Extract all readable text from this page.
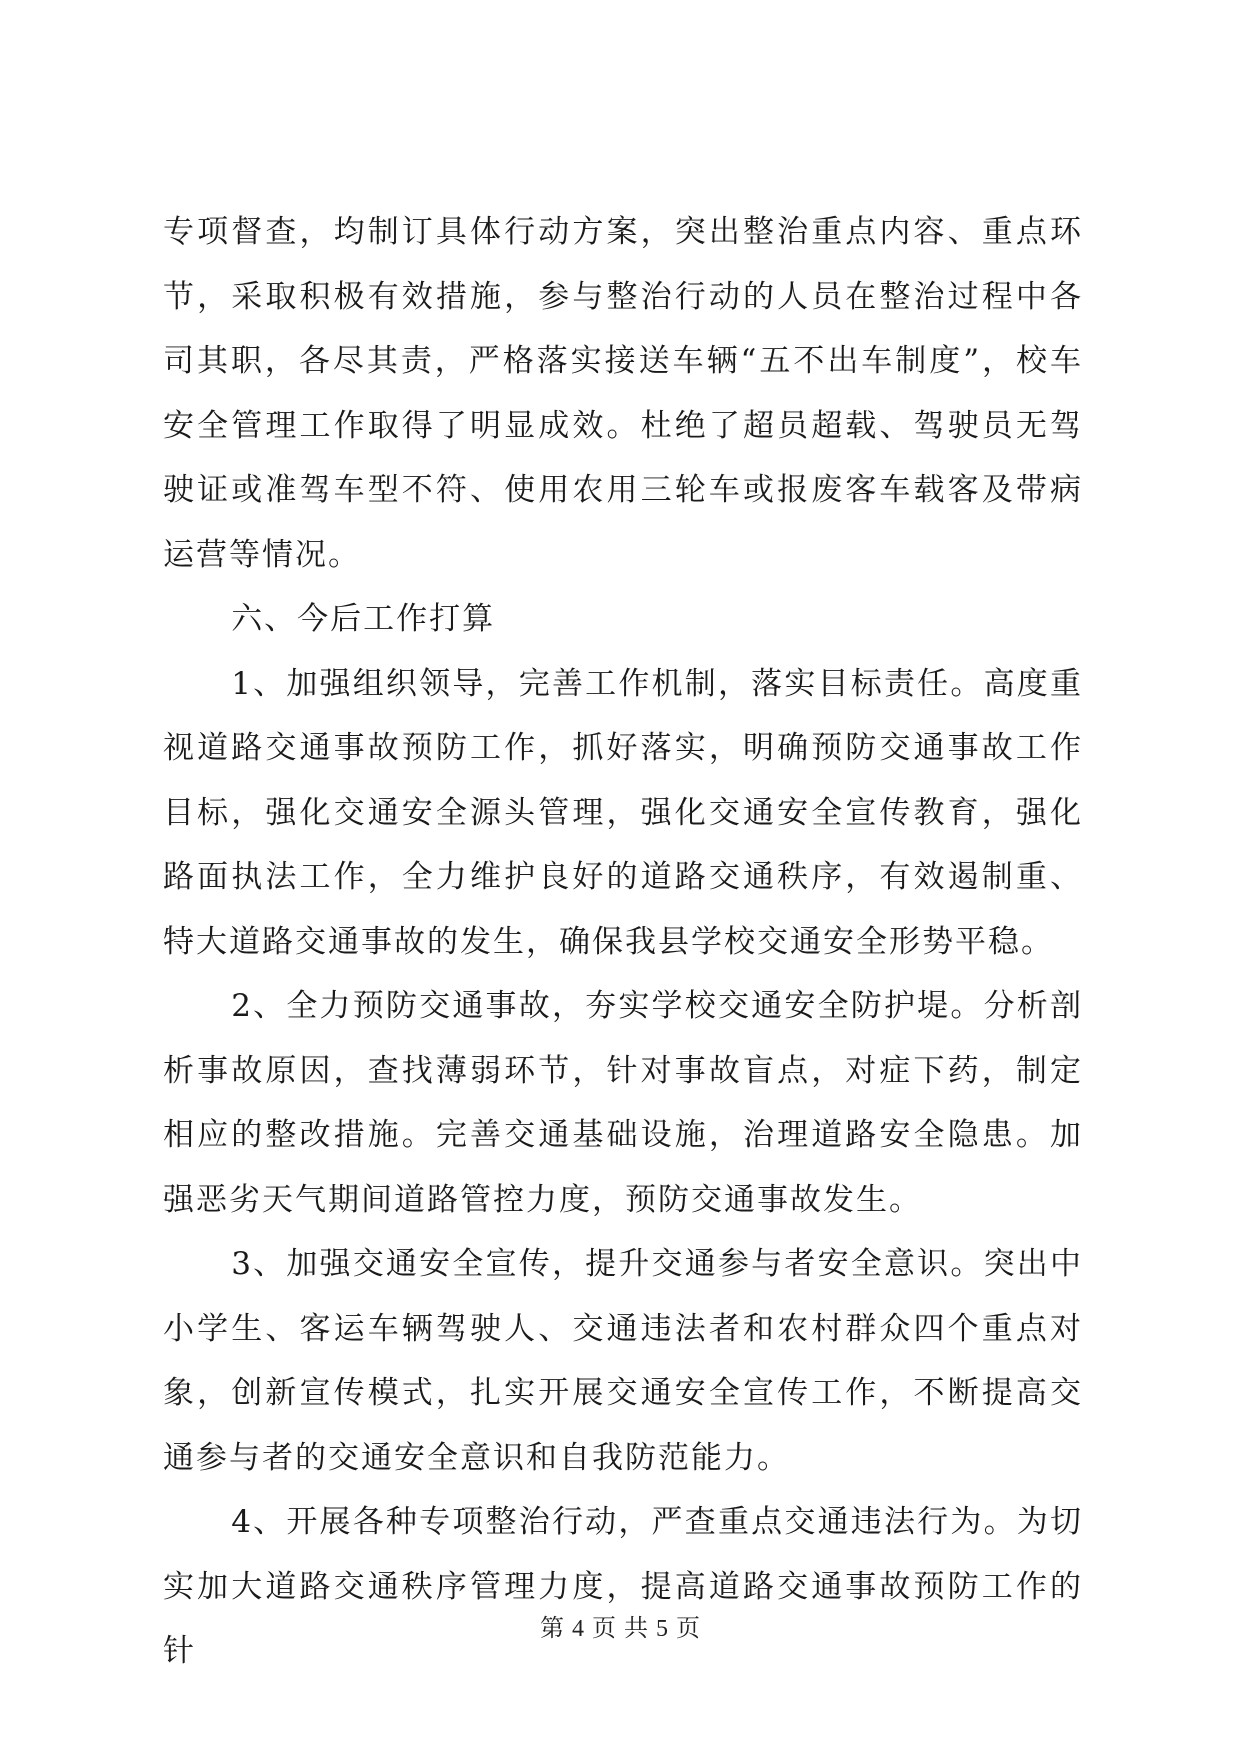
专项督查，均制订具体行动方案，突出整治重点内容、重点环节，采取积极有效措施，参与整治行动的人员在整治过程中各司其职，各尽其责，严格落实接送车辆“五不出车制度”，校车安全管理工作取得了明显成效。杜绝了超员超载、驾驶员无驾驶证或准驾车型不符、使用农用三轮车或报废客车载客及带病运营等情况。

六、今后工作打算

1、加强组织领导，完善工作机制，落实目标责任。高度重视道路交通事故预防工作，抓好落实，明确预防交通事故工作目标，强化交通安全源头管理，强化交通安全宣传教育，强化路面执法工作，全力维护良好的道路交通秩序，有效遏制重、特大道路交通事故的发生，确保我县学校交通安全形势平稳。

2、全力预防交通事故，夯实学校交通安全防护堤。分析剖析事故原因，查找薄弱环节，针对事故盲点，对症下药，制定相应的整改措施。完善交通基础设施，治理道路安全隐患。加强恶劣天气期间道路管控力度，预防交通事故发生。

3、加强交通安全宣传，提升交通参与者安全意识。突出中小学生、客运车辆驾驶人、交通违法者和农村群众四个重点对象，创新宣传模式，扎实开展交通安全宣传工作，不断提高交通参与者的交通安全意识和自我防范能力。

4、开展各种专项整治行动，严查重点交通违法行为。为切实加大道路交通秩序管理力度，提高道路交通事故预防工作的针

第 4 页 共 5 页
